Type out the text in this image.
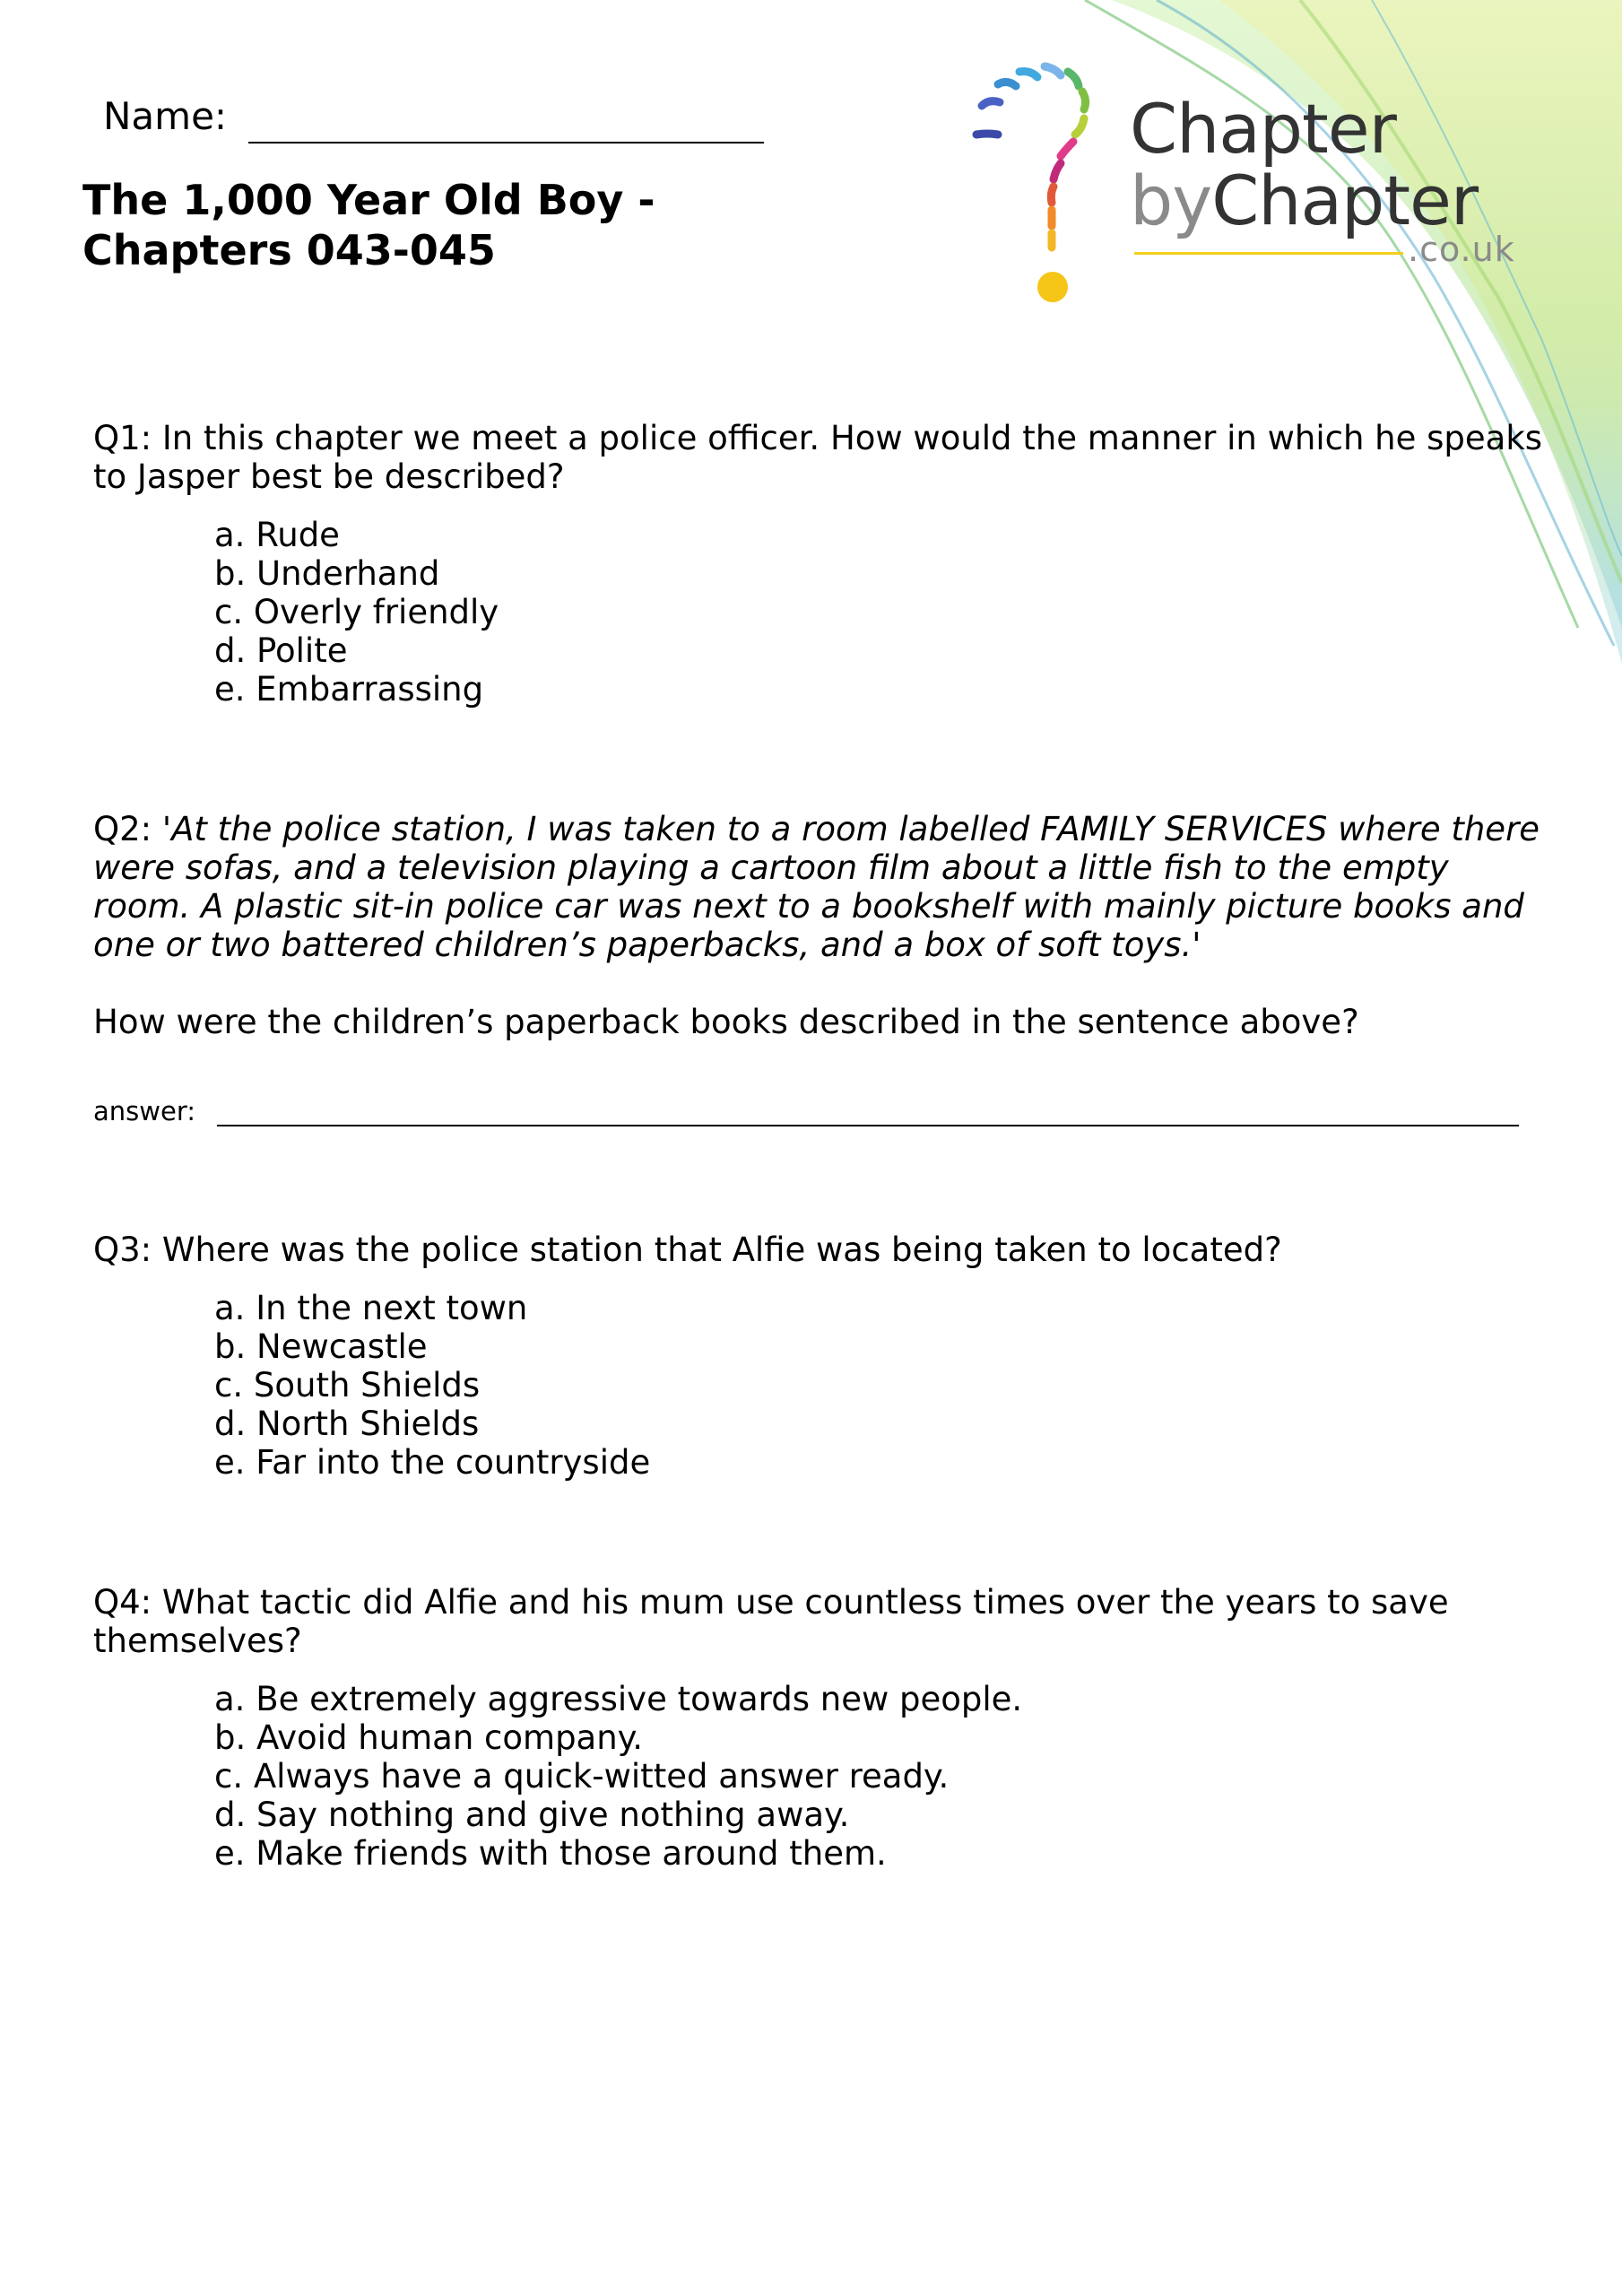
Name:
The 1,000 Year Old Boy -
Chapters 043-045
Chapter
byChapter
.co.uk

Q1: In this chapter we meet a police officer. How would the manner in which he speaks to Jasper best be described?

a. Rude
b. Underhand
c. Overly friendly
d. Polite
e. Embarrassing

Q2: 'At the police station, I was taken to a room labelled FAMILY SERVICES where there were sofas, and a television playing a cartoon film about a little fish to the empty room. A plastic sit-in police car was next to a bookshelf with mainly picture books and one or two battered children’s paperbacks, and a box of soft toys.'

How were the children’s paperback books described in the sentence above?

answer:

Q3: Where was the police station that Alfie was being taken to located?

a. In the next town
b. Newcastle
c. South Shields
d. North Shields
e. Far into the countryside

Q4: What tactic did Alfie and his mum use countless times over the years to save themselves?

a. Be extremely aggressive towards new people.
b. Avoid human company.
c. Always have a quick-witted answer ready.
d. Say nothing and give nothing away.
e. Make friends with those around them.
